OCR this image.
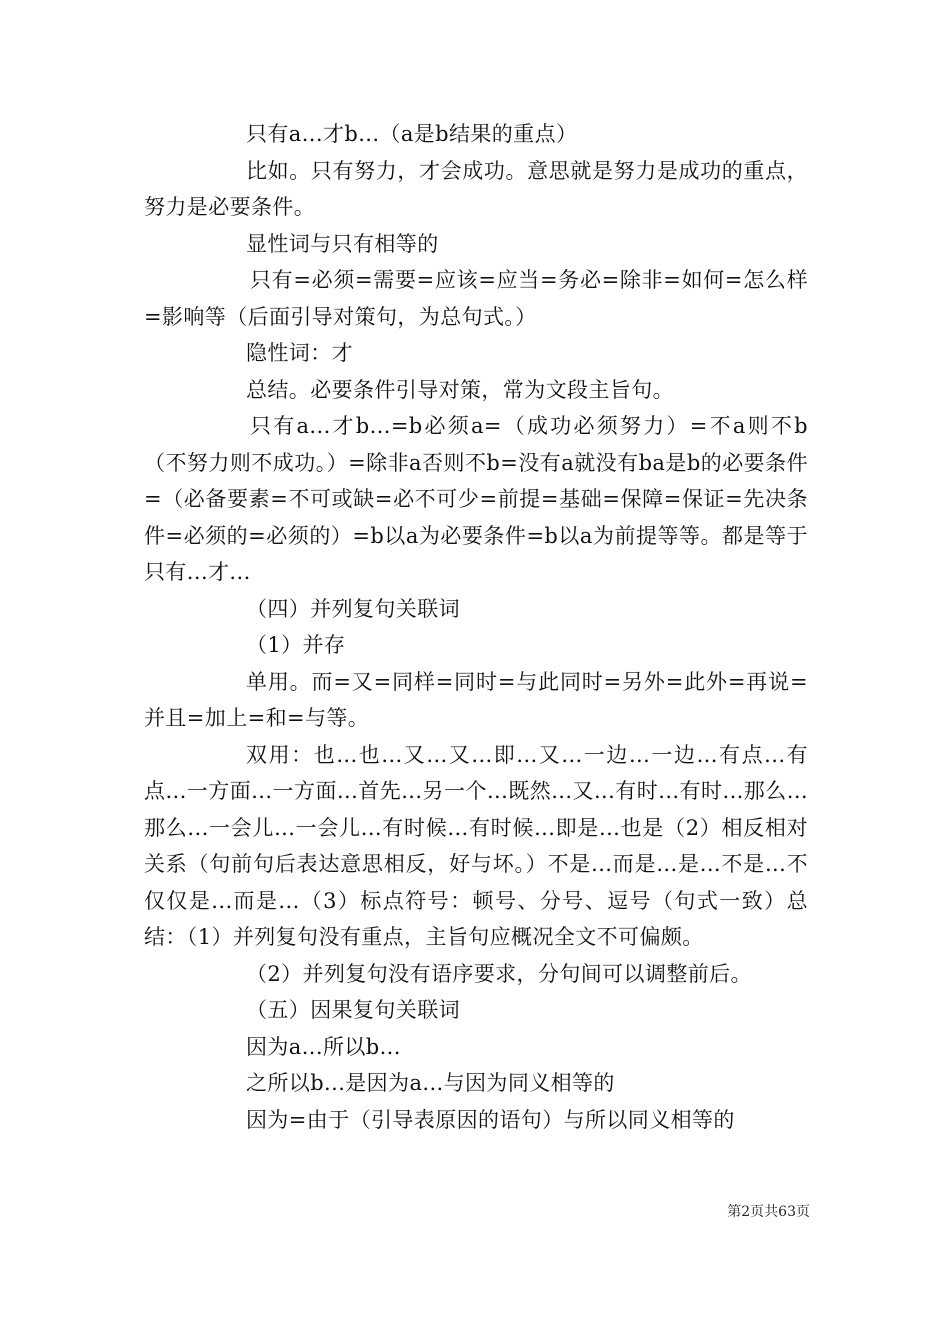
只有a...才b...（a是b结果的重点）

比如。只有努力，才会成功。意思就是努力是成功的重点，努力是必要条件。

显性词与只有相等的

只有=必须=需要=应该=应当=务必=除非=如何=怎么样=影响等（后面引导对策句，为总句式。）

隐性词：才

总结。必要条件引导对策，常为文段主旨句。

只有a...才b...=b必须a=（成功必须努力）=不a则不b（不努力则不成功。）=除非a否则不b=没有a就没有ba是b的必要条件=（必备要素=不可或缺=必不可少=前提=基础=保障=保证=先决条件=必须的=必须的）=b以a为必要条件=b以a为前提等等。都是等于只有...才...

（四）并列复句关联词

（1）并存

单用。而=又=同样=同时=与此同时=另外=此外=再说=并且=加上=和=与等。

双用：也...也...又...又...即...又...一边...一边...有点...有点...一方面...一方面...首先...另一个...既然...又...有时...有时...那么...那么...一会儿...一会儿...有时候...有时候...即是...也是（2）相反相对关系（句前句后表达意思相反，好与坏。）不是...而是...是...不是...不仅仅是...而是...（3）标点符号：顿号、分号、逗号（句式一致）总结：（1）并列复句没有重点，主旨句应概况全文不可偏颇。

（2）并列复句没有语序要求，分句间可以调整前后。

（五）因果复句关联词

因为a...所以b...

之所以b...是因为a...与因为同义相等的

因为=由于（引导表原因的语句）与所以同义相等的

第2页共63页
